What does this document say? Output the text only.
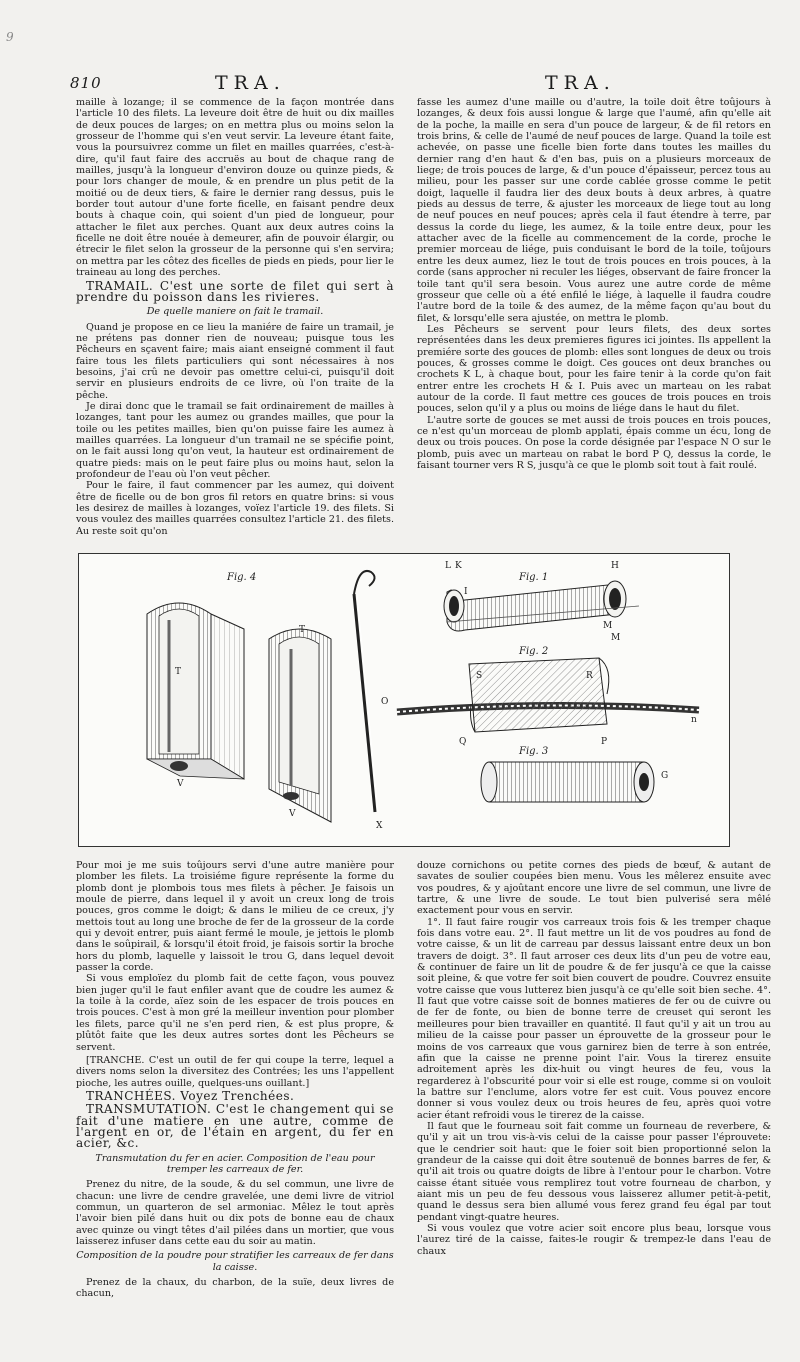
9
810	TRA.	TRA.

maille à lozange; il se commence de la façon montrée dans l'article 10 des filets. La leveure doit être de huit ou dix mailles de deux pouces de larges; on en mettra plus ou moins selon la grosseur de l'homme qui s'en veut servir. La leveure étant faite, vous la poursuivrez comme un filet en mailles quarrées, c'est-à-dire, qu'il faut faire des accruës au bout de chaque rang de mailles, jusqu'à la longueur d'environ douze ou quinze pieds, & pour lors changer de moule, & en prendre un plus petit de la moitié ou de deux tiers, & faire le dernier rang dessus, puis le border tout autour d'une forte ficelle, en faisant pendre deux bouts à chaque coin, qui soient d'un pied de longueur, pour attacher le filet aux perches. Quant aux deux autres coins la ficelle ne doit être nouée à demeurer, afin de pouvoir élargir, ou étrecir le filet selon la grosseur de la personne qui s'en servira; on mettra par les côtez des ficelles de pieds en pieds, pour lier le traineau au long des perches.

TRAMAIL. C'est une sorte de filet qui sert à prendre du poisson dans les rivieres.

De quelle maniere on fait le tramail.

Quand je propose en ce lieu la maniére de faire un tramail, je ne prétens pas donner rien de nouveau; puisque tous les Pêcheurs en sçavent faire; mais aiant enseigné comment il faut faire tous les filets particuliers qui sont nécessaires à nos besoins, j'ai crû ne devoir pas omettre celui-ci, puisqu'il doit servir en plusieurs endroits de ce livre, où l'on traite de la pêche.

Je dirai donc que le tramail se fait ordinairement de mailles à lozanges, tant pour les aumez ou grandes mailles, que pour la toile ou les petites mailles, bien qu'on puisse faire les aumez à mailles quarrées. La longueur d'un tramail ne se spécifie point, on le fait aussi long qu'on veut, la hauteur est ordinairement de quatre pieds: mais on le peut faire plus ou moins haut, selon la profondeur de l'eau où l'on veut pêcher.

Pour le faire, il faut commencer par les aumez, qui doivent être de ficelle ou de bon gros fil retors en quatre brins: si vous les desirez de mailles à lozanges, voïez l'article 19. des filets. Si vous voulez des mailles quarrées consultez l'article 21. des filets. Au reste soit qu'on

fasse les aumez d'une maille ou d'autre, la toile doit être toûjours à lozanges, & deux fois aussi longue & large que l'aumé, afin qu'elle ait de la poche, la maille en sera d'un pouce de largeur, & de fil retors en trois brins, & celle de l'aumé de neuf pouces de large. Quand la toile est achevée, on passe une ficelle bien forte dans toutes les mailles du dernier rang d'en haut & d'en bas, puis on a plusieurs morceaux de liege; de trois pouces de large, & d'un pouce d'épaisseur, percez tous au milieu, pour les passer sur une corde cablée grosse comme le petit doigt, laquelle il faudra lier des deux bouts à deux arbres, à quatre pieds au dessus de terre, & ajuster les morceaux de liege tout au long de neuf pouces en neuf pouces; après cela il faut étendre à terre, par dessus la corde du liege, les aumez, & la toile entre deux, pour les attacher avec de la ficelle au commencement de la corde, proche le premier morceau de liége, puis conduisant le bord de la toile, toûjours entre les deux aumez, liez le tout de trois pouces en trois pouces, à la corde (sans approcher ni reculer les liéges, observant de faire froncer la toile tant qu'il sera besoin. Vous aurez une autre corde de même grosseur que celle où a été enfilé le liége, à laquelle il faudra coudre l'autre bord de la toile & des aumez, de la même façon qu'au bout du filet, & lorsqu'elle sera ajustée, on mettra le plomb.

Les Pêcheurs se servent pour leurs filets, des deux sortes représentées dans les deux premieres figures ici jointes. Ils appellent la premiére sorte des gouces de plomb: elles sont longues de deux ou trois pouces, & grosses comme le doigt. Ces gouces ont deux branches ou crochets K L, à chaque bout, pour les faire tenir à la corde qu'on fait entrer entre les crochets H & I. Puis avec un marteau on les rabat autour de la corde. Il faut mettre ces gouces de trois pouces en trois pouces, selon qu'il y a plus ou moins de liége dans le haut du filet.

L'autre sorte de gouces se met aussi de trois pouces en trois pouces, ce n'est qu'un morceau de plomb applati, épais comme un écu, long de deux ou trois pouces. On pose la corde désignée par l'espace N O sur le plomb, puis avec un marteau on rabat le bord P Q, dessus la corde, le faisant tourner vers R S, jusqu'à ce que le plomb soit tout à fait roulé.

Fig. 4	Fig. 1
Fig. 2
Fig. 3
T
T
V
V
X
L K	H
I
M
M
S	R
O
n
Q	P
G

Pour moi je me suis toûjours servi d'une autre manière pour plomber les filets. La troisiéme figure représente la forme du plomb dont je plombois tous mes filets à pêcher. Je faisois un moule de pierre, dans lequel il y avoit un creux long de trois pouces, gros comme le doigt; & dans le milieu de ce creux, j'y mettois tout au long une broche de fer de la grosseur de la corde qui y devoit entrer, puis aiant fermé le moule, je jettois le plomb dans le soûpirail, & lorsqu'il étoit froid, je faisois sortir la broche hors du plomb, laquelle y laissoit le trou G, dans lequel devoit passer la corde.

Si vous emploïez du plomb fait de cette façon, vous pouvez bien juger qu'il le faut enfiler avant que de coudre les aumez & la toile à la corde, aïez soin de les espacer de trois pouces en trois pouces. C'est à mon gré la meilleur invention pour plomber les filets, parce qu'il ne s'en perd rien, & est plus propre, & plûtôt faite que les deux autres sortes dont les Pêcheurs se servent.

[TRANCHE. C'est un outil de fer qui coupe la terre, lequel a divers noms selon la diversitez des Contrées; les uns l'appellent pioche, les autres ouille, quelques-uns ouillant.]

TRANCHÉES. Voyez Trenchées.

TRANSMUTATION. C'est le changement qui se fait d'une matiere en une autre, comme de l'argent en or, de l'étain en argent, du fer en acier, &c.

Transmutation du fer en acier. Composition de l'eau pour tremper les carreaux de fer.

Prenez du nitre, de la soude, & du sel commun, une livre de chacun: une livre de cendre gravelée, une demi livre de vitriol commun, un quarteron de sel armoniac. Mêlez le tout après l'avoir bien pilé dans huit ou dix pots de bonne eau de chaux avec quinze ou vingt têtes d'ail pilées dans un mortier, que vous laisserez infuser dans cette eau du soir au matin.

Composition de la poudre pour stratifier les carreaux de fer dans la caisse.

Prenez de la chaux, du charbon, de la suïe, deux livres de chacun,

douze cornichons ou petite cornes des pieds de bœuf, & autant de savates de soulier coupées bien menu. Vous les mêlerez ensuite avec vos poudres, & y ajoûtant encore une livre de sel commun, une livre de tartre, & une livre de soude. Le tout bien pulverisé sera mêlé exactement pour vous en servir.

1°. Il faut faire rougir vos carreaux trois fois & les tremper chaque fois dans votre eau. 2°. Il faut mettre un lit de vos poudres au fond de votre caisse, & un lit de carreau par dessus laissant entre deux un bon travers de doigt. 3°. Il faut arroser ces deux lits d'un peu de votre eau, & continuer de faire un lit de poudre & de fer jusqu'à ce que la caisse soit pleine, & que votre fer soit bien couvert de poudre. Couvrez ensuite votre caisse que vous lutterez bien jusqu'à ce qu'elle soit bien seche. 4°. Il faut que votre caisse soit de bonnes matieres de fer ou de cuivre ou de fer de fonte, ou bien de bonne terre de creuset qui seront les meilleures pour bien travailler en quantité. Il faut qu'il y ait un trou au milieu de la caisse pour passer un éprouvette de la grosseur pour le moins de vos carreaux que vous garnirez bien de terre à son entrée, afin que la caisse ne prenne point l'air. Vous la tirerez ensuite adroitement après les dix-huit ou vingt heures de feu, vous la regarderez à l'obscurité pour voir si elle est rouge, comme si on vouloit la battre sur l'enclume, alors votre fer est cuit. Vous pouvez encore donner si vous voulez deux ou trois heures de feu, après quoi votre acier étant refroidi vous le tirerez de la caisse.

Il faut que le fourneau soit fait comme un fourneau de reverbere, & qu'il y ait un trou vis-à-vis celui de la caisse pour passer l'éprouvete: que le cendrier soit haut: que le foier soit bien proportionné selon la grandeur de la caisse qui doit être soutenuë de bonnes barres de fer, & qu'il ait trois ou quatre doigts de libre à l'entour pour le charbon. Votre caisse étant située vous remplirez tout votre fourneau de charbon, y aiant mis un peu de feu dessous vous laisserez allumer petit-à-petit, quand le dessus sera bien allumé vous ferez grand feu égal par tout pendant vingt-quatre heures.

Si vous voulez que votre acier soit encore plus beau, lorsque vous l'aurez tiré de la caisse, faites-le rougir & trempez-le dans l'eau de chaux
